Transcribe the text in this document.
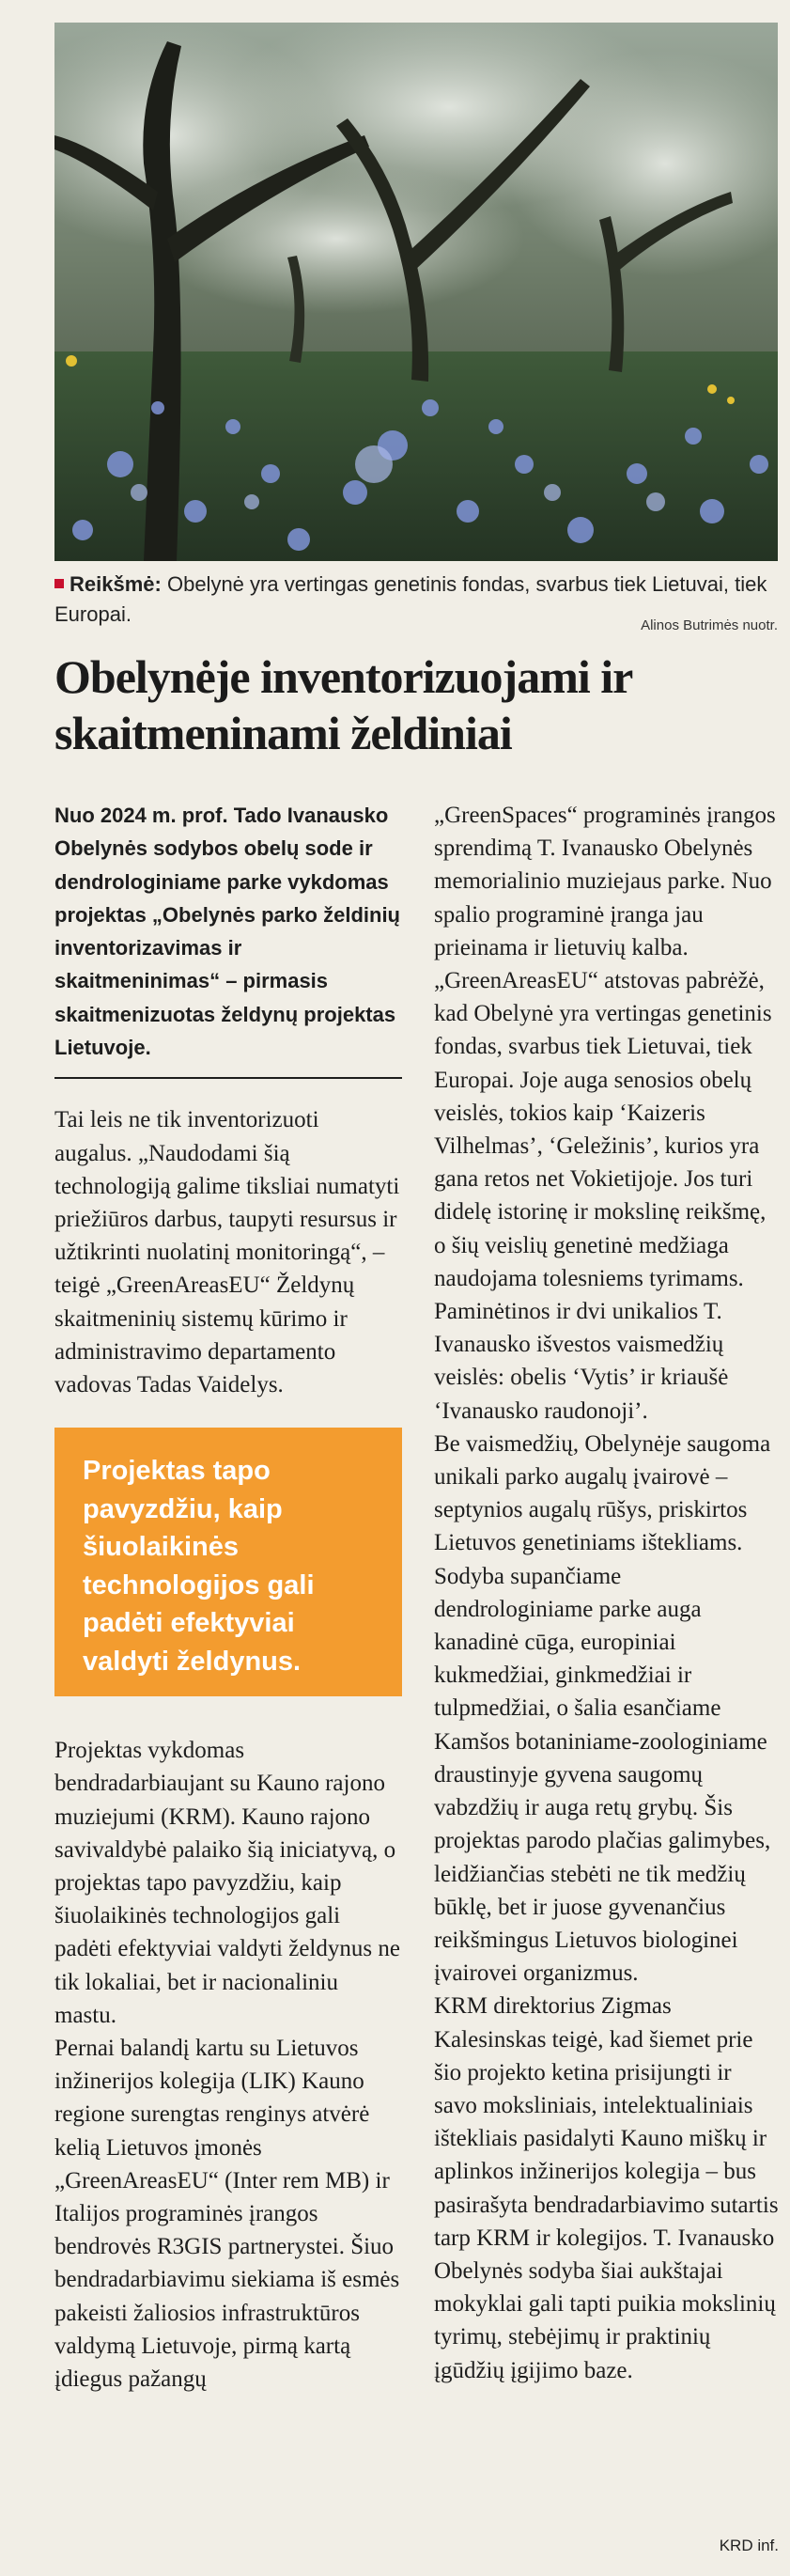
Reikšmė: Obelynė yra vertingas genetinis fondas, svarbus tiek Lietuvai, tiek Europai.	Alinos Butrimės nuotr.
Obelynėje inventorizuojami ir skaitmeninami želdiniai

Nuo 2024 m. prof. Tado Ivanausko Obelynės sodybos obelų sode ir dendrologiniame parke vykdomas projektas „Obelynės parko želdinių inventorizavimas ir skaitmeninimas“ – pirmasis skaitmenizuotas želdynų projektas Lietuvoje.

Tai leis ne tik inventorizuoti augalus. „Naudodami šią technologiją galime tiksliai numatyti priežiūros darbus, taupyti resursus ir užtikrinti nuolatinį monitoringą“, – teigė „GreenAreasEU“ Želdynų skaitmeninių sistemų kūrimo ir administravimo departamento vadovas Tadas Vaidelys.

Projektas tapo pavyzdžiu, kaip šiuolaikinės technologijos gali padėti efektyviai valdyti želdynus.

Projektas vykdomas bendradarbiaujant su Kauno rajono muziejumi (KRM). Kauno rajono savivaldybė palaiko šią iniciatyvą, o projektas tapo pavyzdžiu, kaip šiuolaikinės technologijos gali padėti efektyviai valdyti želdynus ne tik lokaliai, bet ir nacionaliniu mastu.

Pernai balandį kartu su Lietuvos inžinerijos kolegija (LIK) Kauno regione surengtas renginys atvėrė kelią Lietuvos įmonės „GreenAreasEU“ (Inter rem MB) ir Italijos programinės įrangos bendrovės R3GIS partnerystei. Šiuo bendradarbiavimu siekiama iš esmės pakeisti žaliosios infrastruktūros valdymą Lietuvoje, pirmą kartą įdiegus pažangų

„GreenSpaces“ programinės įrangos sprendimą T. Ivanausko Obelynės memorialinio muziejaus parke. Nuo spalio programinė įranga jau prieinama ir lietuvių kalba.

„GreenAreasEU“ atstovas pabrėžė, kad Obelynė yra vertingas genetinis fondas, svarbus tiek Lietuvai, tiek Europai. Joje auga senosios obelų veislės, tokios kaip ‘Kaizeris Vilhelmas’, ‘Geležinis’, kurios yra gana retos net Vokietijoje. Jos turi didelę istorinę ir mokslinę reikšmę, o šių veislių genetinė medžiaga naudojama tolesniems tyrimams. Paminėtinos ir dvi unikalios T. Ivanausko išvestos vaismedžių veislės: obelis ‘Vytis’ ir kriaušė ‘Ivanausko raudonoji’.

Be vaismedžių, Obelynėje saugoma unikali parko augalų įvairovė – septynios augalų rūšys, priskirtos Lietuvos genetiniams ištekliams. Sodyba supančiame dendrologiniame parke auga kanadinė cūga, europiniai kukmedžiai, ginkmedžiai ir tulpmedžiai, o šalia esančiame Kamšos botaniniame-zoologiniame draustinyje gyvena saugomų vabzdžių ir auga retų grybų. Šis projektas parodo plačias galimybes, leidžiančias stebėti ne tik medžių būklę, bet ir juose gyvenančius reikšmingus Lietuvos biologinei įvairovei organizmus.

KRM direktorius Zigmas Kalesinskas teigė, kad šiemet prie šio projekto ketina prisijungti ir savo moksliniais, intelektualiniais ištekliais pasidalyti Kauno miškų ir aplinkos inžinerijos kolegija – bus pasirašyta bendradarbiavimo sutartis tarp KRM ir kolegijos. T. Ivanausko Obelynės sodyba šiai aukštajai mokyklai gali tapti puikia mokslinių tyrimų, stebėjimų ir praktinių įgūdžių įgijimo baze.

KRD inf.
